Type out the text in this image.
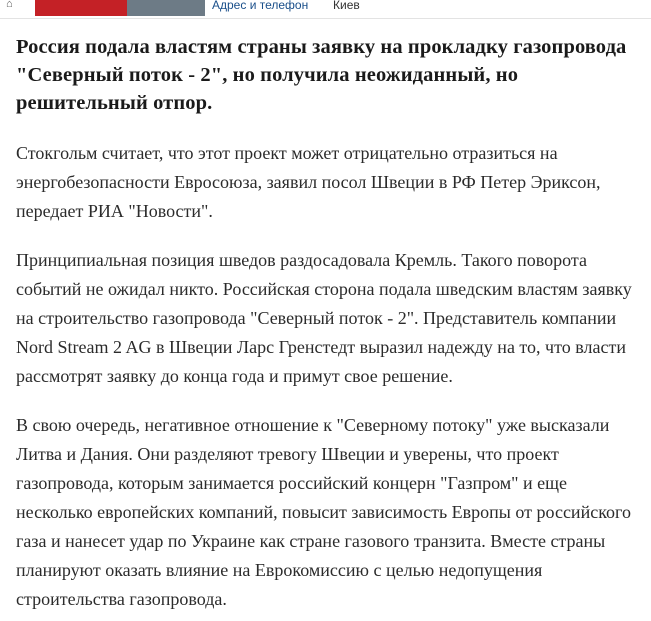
⌂	Адрес и телефон Киев
Россия подала властям страны заявку на прокладку газопровода "Северный поток - 2", но получила неожиданный, но решительный отпор.

Стокгольм считает, что этот проект может отрицательно отразиться на энергобезопасности Евросоюза, заявил посол Швеции в РФ Петер Эриксон, передает РИА "Новости".

Принципиальная позиция шведов раздосадовала Кремль. Такого поворота событий не ожидал никто. Российская сторона подала шведским властям заявку на строительство газопровода "Северный поток - 2". Представитель компании Nord Stream 2 AG в Швеции Ларс Гренстедт выразил надежду на то, что власти рассмотрят заявку до конца года и примут свое решение.

В свою очередь, негативное отношение к "Северному потоку" уже высказали Литва и Дания. Они разделяют тревогу Швеции и уверены, что проект газопровода, которым занимается российский концерн "Газпром" и еще несколько европейских компаний, повысит зависимость Европы от российского газа и нанесет удар по Украине как стране газового транзита. Вместе страны планируют оказать влияние на Еврокомиссию с целью недопущения строительства газопровода.
